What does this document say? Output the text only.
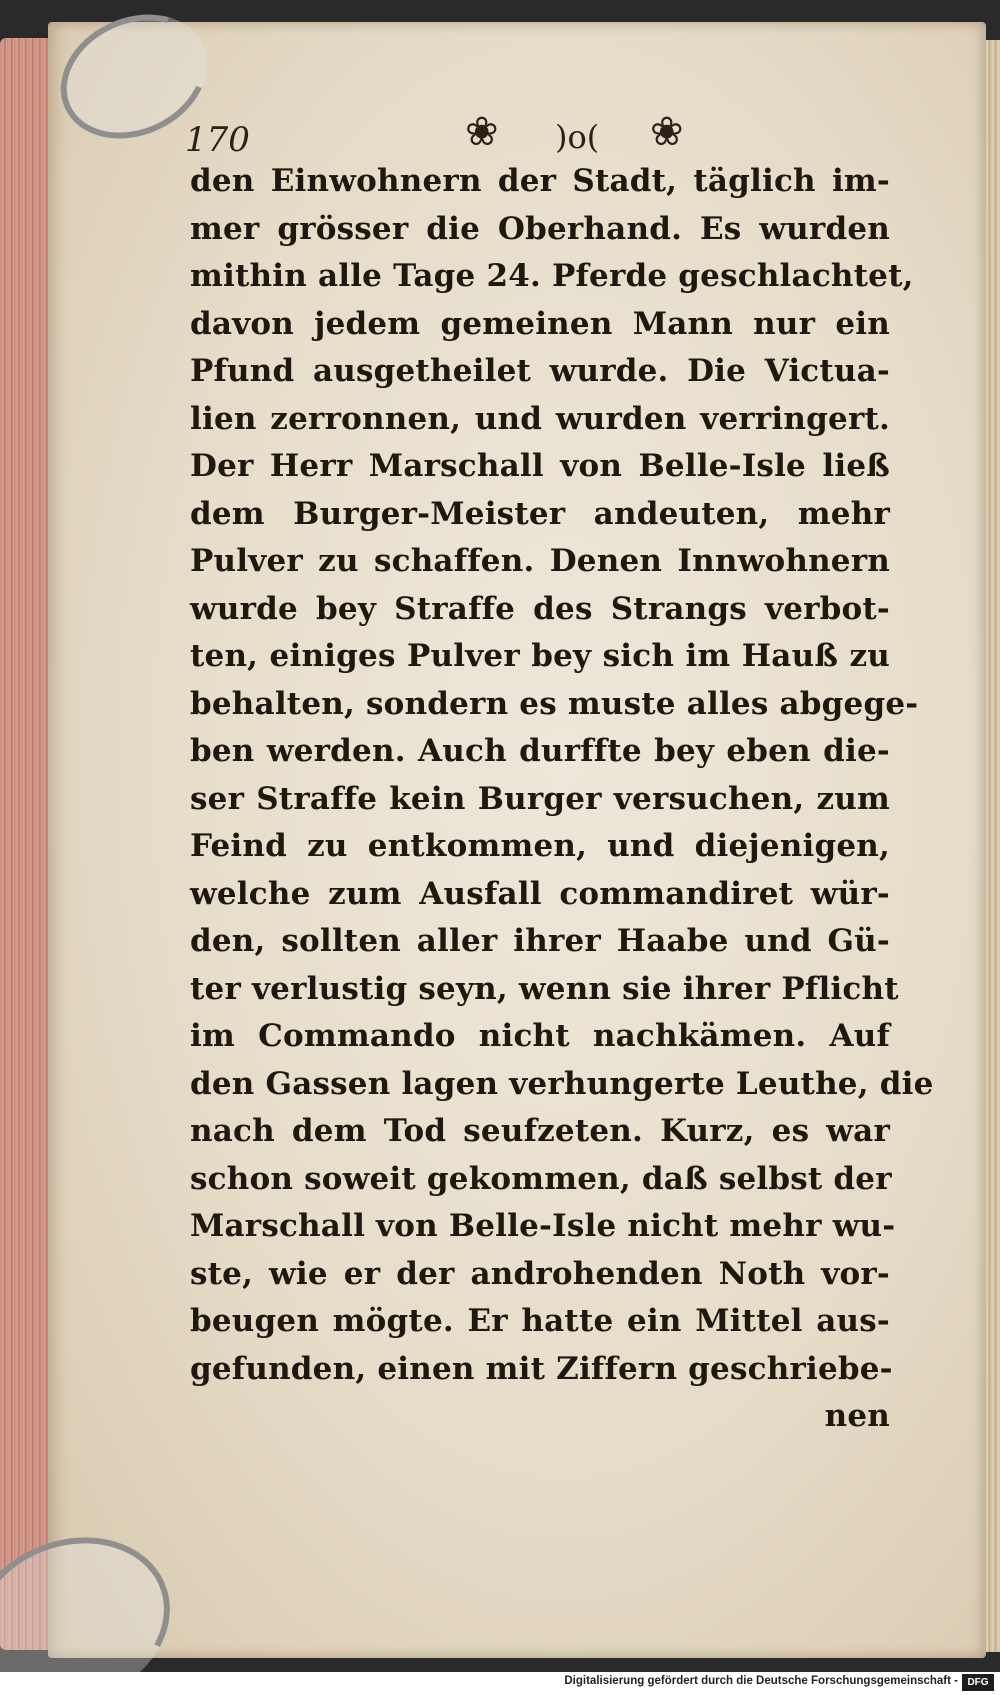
170	❀ )o( ❀
den Einwohnern der Stadt, täglich im-
mer grösser die Oberhand. Es wurden
mithin alle Tage 24. Pferde geschlachtet,
davon jedem gemeinen Mann nur ein
Pfund ausgetheilet wurde. Die Victua-
lien zerronnen, und wurden verringert.
Der Herr Marschall von Belle-Isle ließ
dem Burger-Meister andeuten, mehr
Pulver zu schaffen. Denen Innwohnern
wurde bey Straffe des Strangs verbot-
ten, einiges Pulver bey sich im Hauß zu
behalten, sondern es muste alles abgege-
ben werden. Auch durffte bey eben die-
ser Straffe kein Burger versuchen, zum
Feind zu entkommen, und diejenigen,
welche zum Ausfall commandiret wür-
den, sollten aller ihrer Haabe und Gü-
ter verlustig seyn, wenn sie ihrer Pflicht
im Commando nicht nachkämen. Auf
den Gassen lagen verhungerte Leuthe, die
nach dem Tod seufzeten. Kurz, es war
schon soweit gekommen, daß selbst der
Marschall von Belle-Isle nicht mehr wu-
ste, wie er der androhenden Noth vor-
beugen mögte. Er hatte ein Mittel aus-
gefunden, einen mit Ziffern geschriebe-
nen
Digitalisierung gefördert durch die Deutsche Forschungsgemeinschaft - DFG
